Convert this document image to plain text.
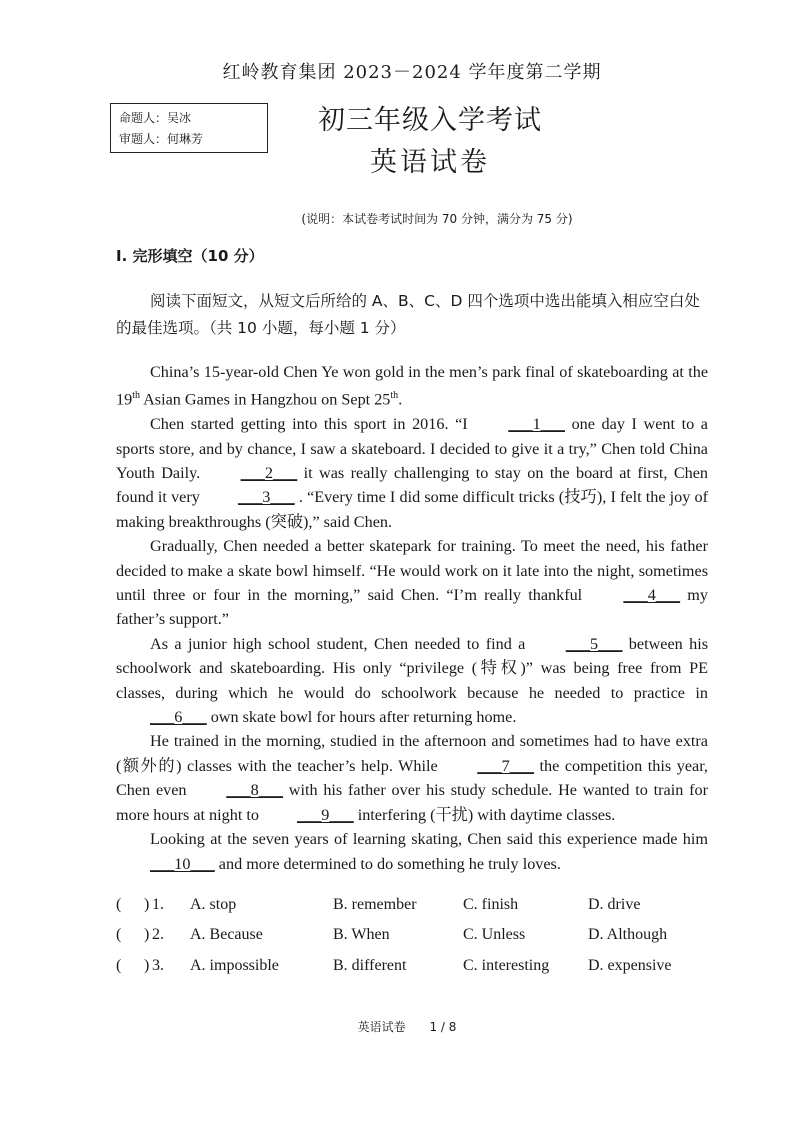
红岭教育集团 2023－2024 学年度第二学期
命题人：吴冰
审题人：何琳芳
初三年级入学考试
英语试卷
(说明：本试卷考试时间为 70 分钟，满分为 75 分)
I. 完形填空（10 分）
阅读下面短文，从短文后所给的 A、B、C、D 四个选项中选出能填入相应空白处的最佳选项。（共 10 小题，每小题 1 分）

China’s 15-year-old Chen Ye won gold in the men’s park final of skateboarding at the 19th Asian Games in Hangzhou on Sept 25th.

Chen started getting into this sport in 2016. “I ___1___ one day I went to a sports store, and by chance, I saw a skateboard. I decided to give it a try,” Chen told China Youth Daily. ___2___ it was really challenging to stay on the board at first, Chen found it very ___3___ . “Every time I did some difficult tricks (技巧), I felt the joy of making breakthroughs (突破),” said Chen.

Gradually, Chen needed a better skatepark for training. To meet the need, his father decided to make a skate bowl himself. “He would work on it late into the night, sometimes until three or four in the morning,” said Chen. “I’m really thankful ___4___ my father’s support.”

As a junior high school student, Chen needed to find a ___5___ between his schoolwork and skateboarding. His only “privilege (特权)” was being free from PE classes, during which he would do schoolwork because he needed to practice in ___6___ own skate bowl for hours after returning home.

He trained in the morning, studied in the afternoon and sometimes had to have extra (额外的) classes with the teacher’s help. While ___7___ the competition this year, Chen even ___8___ with his father over his study schedule. He wanted to train for more hours at night to ___9___ interfering (干扰) with daytime classes.

Looking at the seven years of learning skating, Chen said this experience made him ___10___ and more determined to do something he truly loves.

( ) 1. A. stop	B. remember	C. finish	D. drive
( ) 2. A. Because	B. When	C. Unless	D. Although
( ) 3. A. impossible	B. different	C. interesting D. expensive
英语试卷 1 / 8
